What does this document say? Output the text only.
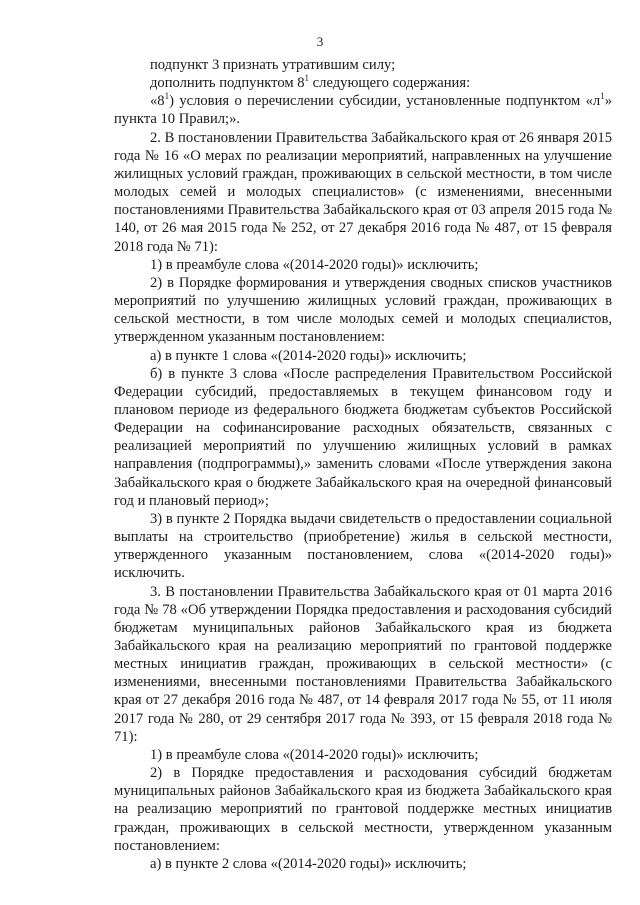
3

подпункт 3 признать утратившим силу;

дополнить подпунктом $8^1$ следующего содержания:

«$8^1$) условия о перечислении субсидии, установленные подпунктом «$л^1$» пункта 10 Правил;».

2. В постановлении Правительства Забайкальского края от 26 января 2015 года № 16 «О мерах по реализации мероприятий, направленных на улучшение жилищных условий граждан, проживающих в сельской местности, в том числе молодых семей и молодых специалистов» (с изменениями, внесенными постановлениями Правительства Забайкальского края от 03 апреля 2015 года № 140, от 26 мая 2015 года № 252, от 27 декабря 2016 года № 487, от 15 февраля 2018 года № 71):

1) в преамбуле слова «(2014-2020 годы)» исключить;

2) в Порядке формирования и утверждения сводных списков участников мероприятий по улучшению жилищных условий граждан, проживающих в сельской местности, в том числе молодых семей и молодых специалистов, утвержденном указанным постановлением:

а) в пункте 1 слова «(2014-2020 годы)» исключить;

б) в пункте 3 слова «После распределения Правительством Российской Федерации субсидий, предоставляемых в текущем финансовом году и плановом периоде из федерального бюджета бюджетам субъектов Российской Федерации на софинансирование расходных обязательств, связанных с реализацией мероприятий по улучшению жилищных условий в рамках направления (подпрограммы),» заменить словами «После утверждения закона Забайкальского края о бюджете Забайкальского края на очередной финансовый год и плановый период»;

3) в пункте 2 Порядка выдачи свидетельств о предоставлении социальной выплаты на строительство (приобретение) жилья в сельской местности, утвержденного указанным постановлением, слова «(2014-2020 годы)» исключить.

3. В постановлении Правительства Забайкальского края от 01 марта 2016 года № 78 «Об утверждении Порядка предоставления и расходования субсидий бюджетам муниципальных районов Забайкальского края из бюджета Забайкальского края на реализацию мероприятий по грантовой поддержке местных инициатив граждан, проживающих в сельской местности» (с изменениями, внесенными постановлениями Правительства Забайкальского края от 27 декабря 2016 года № 487, от 14 февраля 2017 года № 55, от 11 июля 2017 года № 280, от 29 сентября 2017 года № 393, от 15 февраля 2018 года № 71):

1) в преамбуле слова «(2014-2020 годы)» исключить;

2) в Порядке предоставления и расходования субсидий бюджетам муниципальных районов Забайкальского края из бюджета Забайкальского края на реализацию мероприятий по грантовой поддержке местных инициатив граждан, проживающих в сельской местности, утвержденном указанным постановлением:

а) в пункте 2 слова «(2014-2020 годы)» исключить;
